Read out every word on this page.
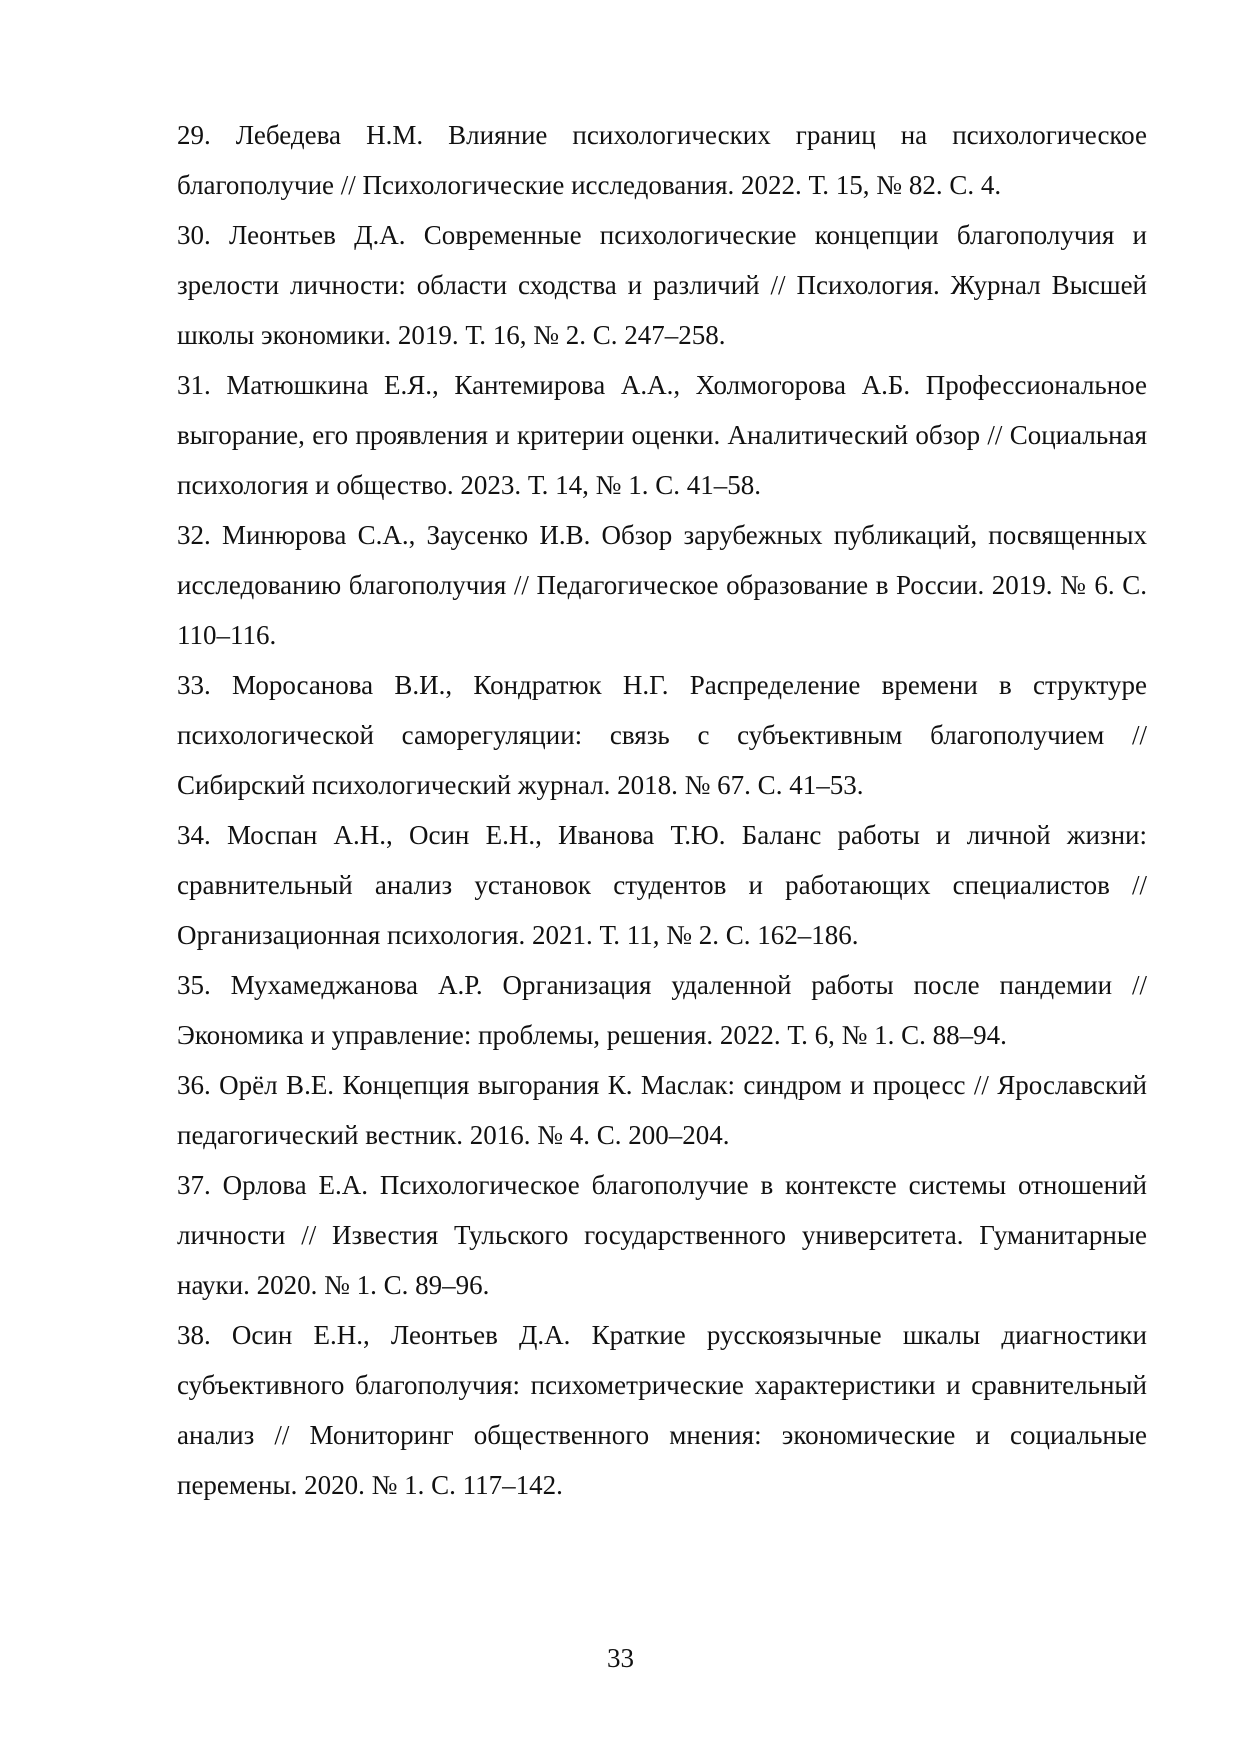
29. Лебедева Н.М. Влияние психологических границ на психологическое благополучие // Психологические исследования. 2022. Т. 15, № 82. С. 4.

30. Леонтьев Д.А. Современные психологические концепции благополучия и зрелости личности: области сходства и различий // Психология. Журнал Высшей школы экономики. 2019. Т. 16, № 2. С. 247–258.

31. Матюшкина Е.Я., Кантемирова А.А., Холмогорова А.Б. Профессиональное выгорание, его проявления и критерии оценки. Аналитический обзор // Социальная психология и общество. 2023. Т. 14, № 1. С. 41–58.

32. Минюрова С.А., Заусенко И.В. Обзор зарубежных публикаций, посвященных исследованию благополучия // Педагогическое образование в России. 2019. № 6. С. 110–116.

33. Моросанова В.И., Кондратюк Н.Г. Распределение времени в структуре психологической саморегуляции: связь с субъективным благополучием // Сибирский психологический журнал. 2018. № 67. С. 41–53.

34. Моспан А.Н., Осин Е.Н., Иванова Т.Ю. Баланс работы и личной жизни: сравнительный анализ установок студентов и работающих специалистов // Организационная психология. 2021. Т. 11, № 2. С. 162–186.

35. Мухамеджанова А.Р. Организация удаленной работы после пандемии // Экономика и управление: проблемы, решения. 2022. Т. 6, № 1. С. 88–94.

36. Орёл В.Е. Концепция выгорания К. Маслак: синдром и процесс // Ярославский педагогический вестник. 2016. № 4. С. 200–204.

37. Орлова Е.А. Психологическое благополучие в контексте системы отношений личности // Известия Тульского государственного университета. Гуманитарные науки. 2020. № 1. С. 89–96.

38. Осин Е.Н., Леонтьев Д.А. Краткие русскоязычные шкалы диагностики субъективного благополучия: психометрические характеристики и сравнительный анализ // Мониторинг общественного мнения: экономические и социальные перемены. 2020. № 1. С. 117–142.

33
